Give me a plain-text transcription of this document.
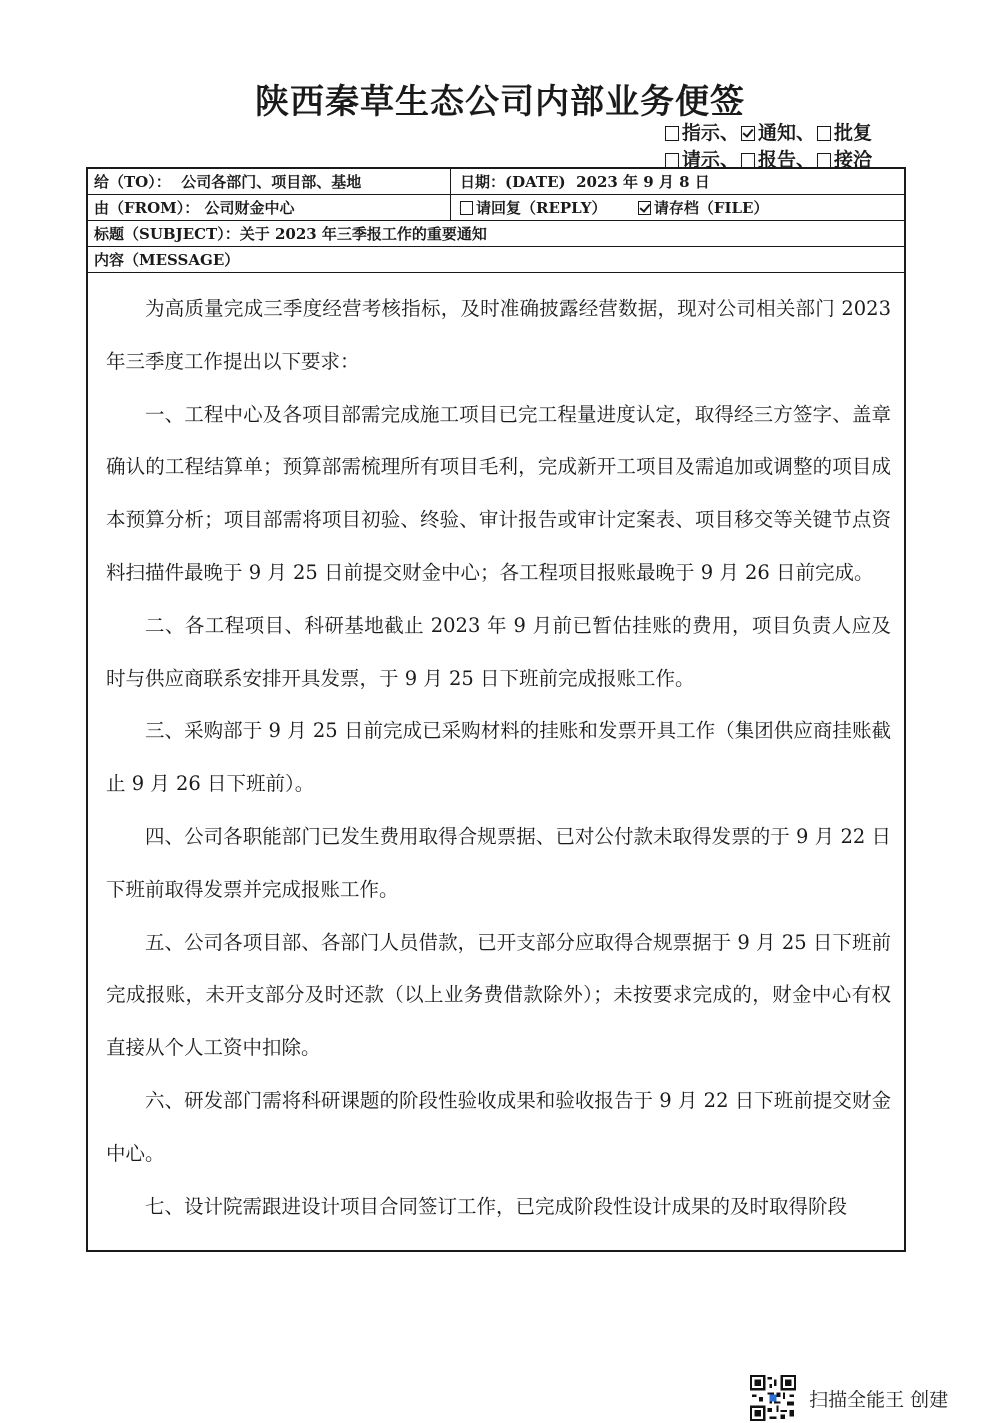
陕西秦草生态公司内部业务便签
指示、 通知、 批复
请示、 报告、 接洽
给（TO）： 公司各部门、项目部、基地	日期：(DATE) 2023 年 9 月 8 日
由（FROM）： 公司财金中心	请回复（REPLY）	请存档（FILE）
标题（SUBJECT）：关于 2023 年三季报工作的重要通知
内容（MESSAGE）

为高质量完成三季度经营考核指标，及时准确披露经营数据，现对公司相关部门 2023 年三季度工作提出以下要求：

一、工程中心及各项目部需完成施工项目已完工程量进度认定，取得经三方签字、盖章确认的工程结算单；预算部需梳理所有项目毛利，完成新开工项目及需追加或调整的项目成本预算分析；项目部需将项目初验、终验、审计报告或审计定案表、项目移交等关键节点资料扫描件最晚于 9 月 25 日前提交财金中心；各工程项目报账最晚于 9 月 26 日前完成。

二、各工程项目、科研基地截止 2023 年 9 月前已暂估挂账的费用，项目负责人应及时与供应商联系安排开具发票，于 9 月 25 日下班前完成报账工作。

三、采购部于 9 月 25 日前完成已采购材料的挂账和发票开具工作（集团供应商挂账截止 9 月 26 日下班前）。

四、公司各职能部门已发生费用取得合规票据、已对公付款未取得发票的于 9 月 22 日下班前取得发票并完成报账工作。

五、公司各项目部、各部门人员借款，已开支部分应取得合规票据于 9 月 25 日下班前完成报账，未开支部分及时还款（以上业务费借款除外）；未按要求完成的，财金中心有权直接从个人工资中扣除。

六、研发部门需将科研课题的阶段性验收成果和验收报告于 9 月 22 日下班前提交财金中心。

七、设计院需跟进设计项目合同签订工作，已完成阶段性设计成果的及时取得阶段

扫描全能王 创建
